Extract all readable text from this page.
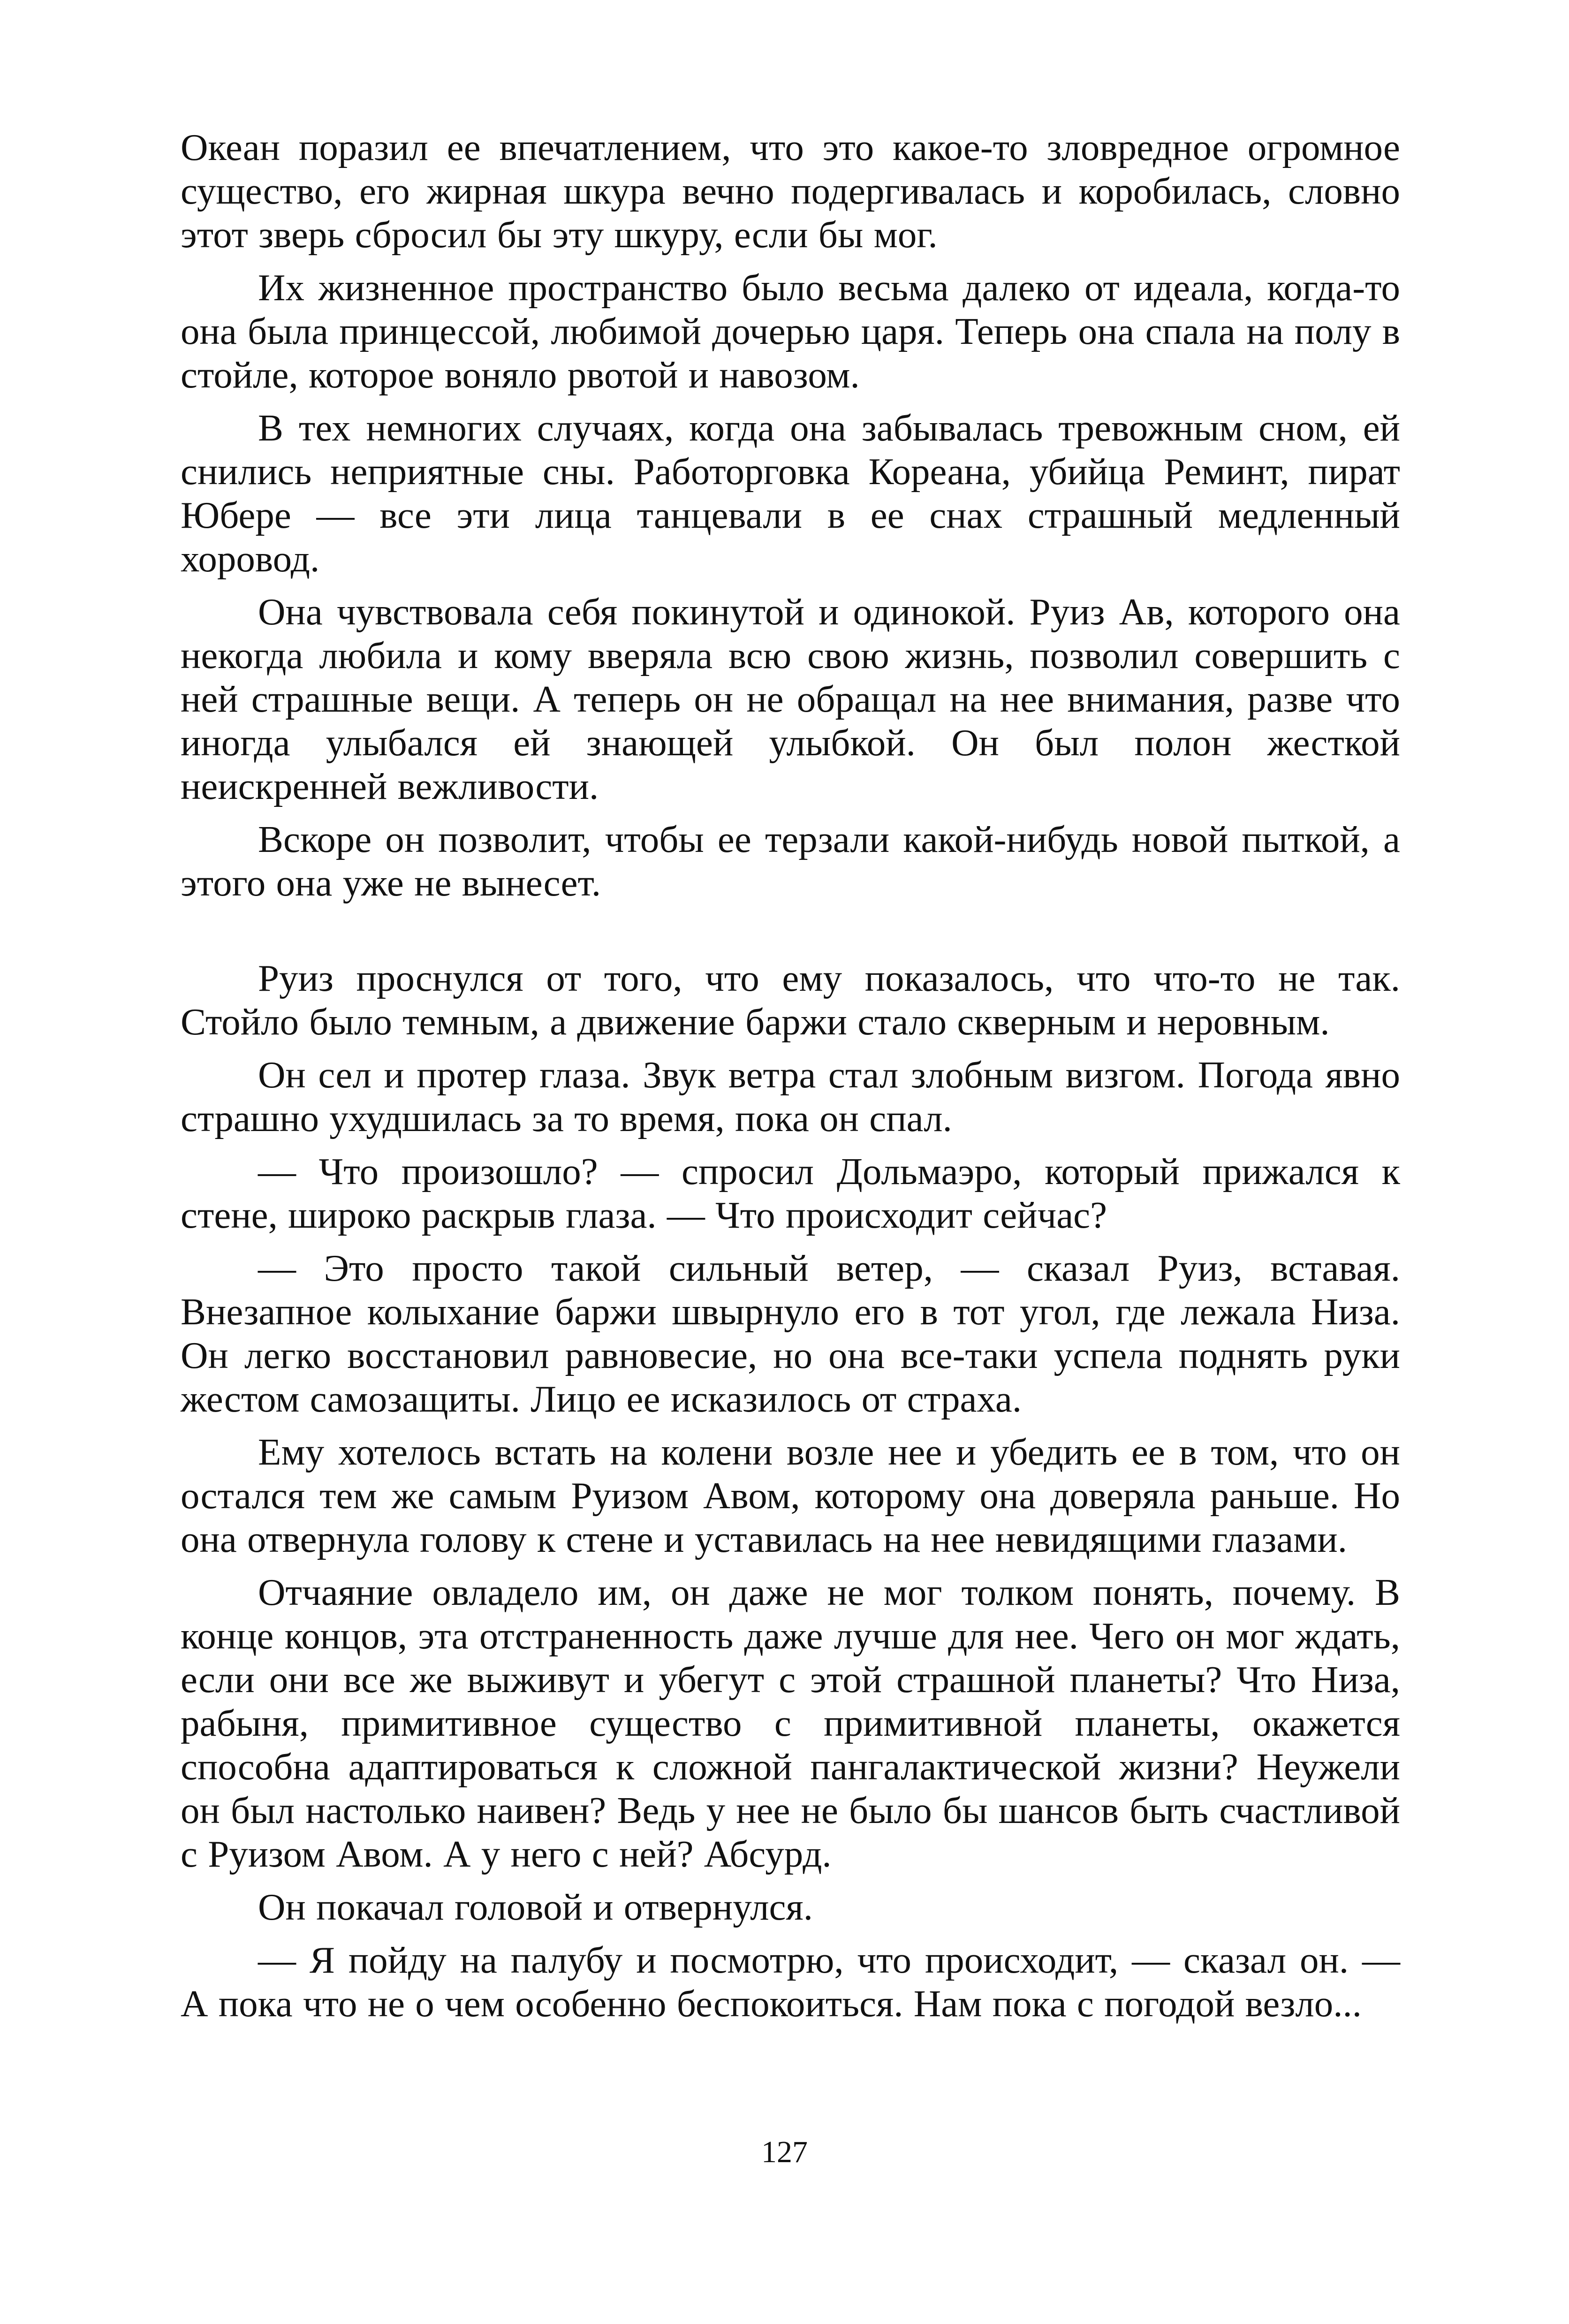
Океан поразил ее впечатлением, что это какое-то зловредное огромное существо, его жирная шкура вечно подергивалась и коробилась, словно этот зверь сбросил бы эту шкуру, если бы мог.

Их жизненное пространство было весьма далеко от идеала, когда-то она была принцессой, любимой дочерью царя. Теперь она спала на полу в стойле, которое воняло рвотой и навозом.

В тех немногих случаях, когда она забывалась тревожным сном, ей снились неприятные сны. Работорговка Кореана, убийца Реминт, пират Юбере — все эти лица танцевали в ее снах страшный медленный хоровод.

Она чувствовала себя покинутой и одинокой. Руиз Ав, которого она некогда любила и кому вверяла всю свою жизнь, позволил совершить с ней страшные вещи. А теперь он не обращал на нее внимания, разве что иногда улыбался ей знающей улыбкой. Он был полон жесткой неискренней вежливости.

Вскоре он позволит, чтобы ее терзали какой-нибудь новой пыткой, а этого она уже не вынесет.

Руиз проснулся от того, что ему показалось, что что-то не так. Стойло было темным, а движение баржи стало скверным и неровным.

Он сел и протер глаза. Звук ветра стал злобным визгом. Погода явно страшно ухудшилась за то время, пока он спал.

— Что произошло? — спросил Дольмаэро, который прижался к стене, широко раскрыв глаза. — Что происходит сейчас?

— Это просто такой сильный ветер, — сказал Руиз, вставая. Внезапное колыхание баржи швырнуло его в тот угол, где лежала Низа. Он легко восстановил равновесие, но она все-таки успела поднять руки жестом самозащиты. Лицо ее исказилось от страха.

Ему хотелось встать на колени возле нее и убедить ее в том, что он остался тем же самым Руизом Авом, которому она доверяла раньше. Но она отвернула голову к стене и уставилась на нее невидящими глазами.

Отчаяние овладело им, он даже не мог толком понять, почему. В конце концов, эта отстраненность даже лучше для нее. Чего он мог ждать, если они все же выживут и убегут с этой страшной планеты? Что Низа, рабыня, примитивное существо с примитивной планеты, окажется способна адаптироваться к сложной пангалактической жизни? Неужели он был настолько наивен? Ведь у нее не было бы шансов быть счастливой с Руизом Авом. А у него с ней? Абсурд.

Он покачал головой и отвернулся.

— Я пойду на палубу и посмотрю, что происходит, — сказал он. — А пока что не о чем особенно беспокоиться. Нам пока с погодой везло...

127
